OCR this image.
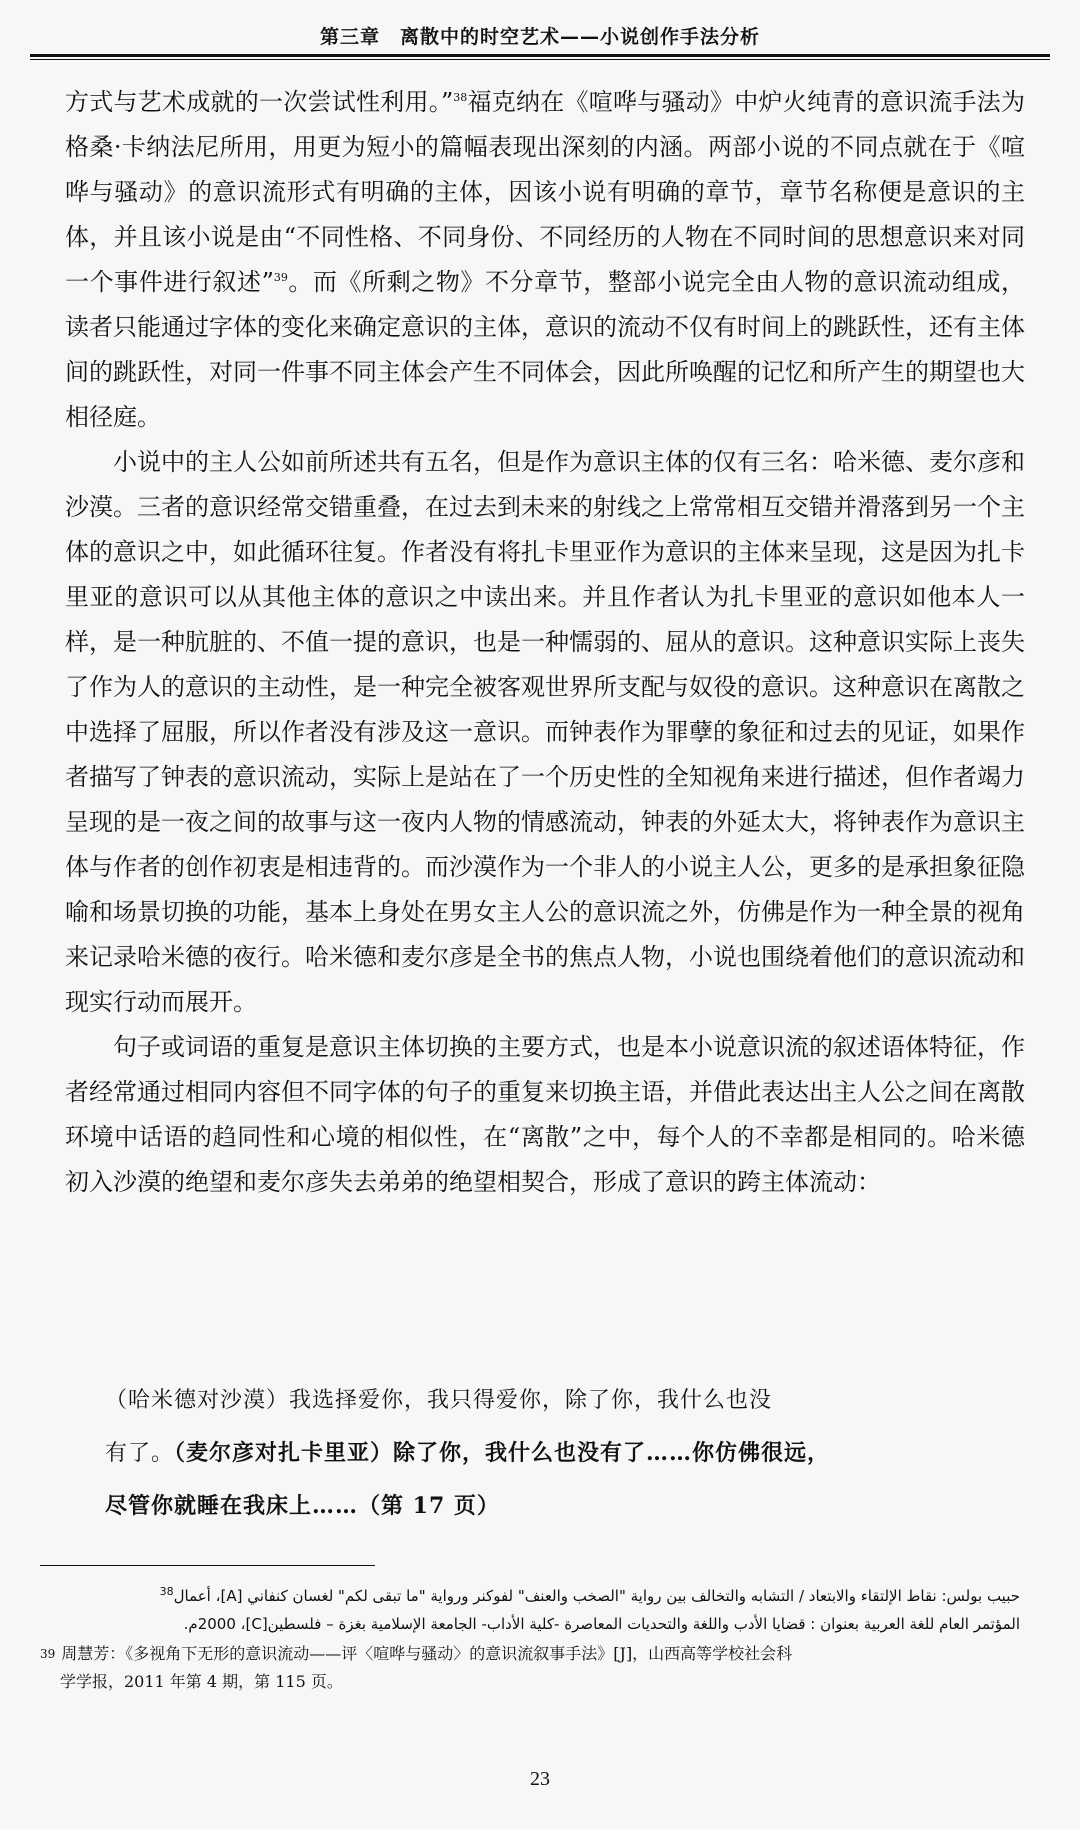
第三章　离散中的时空艺术——小说创作手法分析

方式与艺术成就的一次尝试性利用。”$^{38}$福克纳在《喧哗与骚动》中炉火纯青的意识流手法为格桑·卡纳法尼所用，用更为短小的篇幅表现出深刻的内涵。两部小说的不同点就在于《喧哗与骚动》的意识流形式有明确的主体，因该小说有明确的章节，章节名称便是意识的主体，并且该小说是由“不同性格、不同身份、不同经历的人物在不同时间的思想意识来对同一个事件进行叙述”$^{39}$。而《所剩之物》不分章节，整部小说完全由人物的意识流动组成，读者只能通过字体的变化来确定意识的主体，意识的流动不仅有时间上的跳跃性，还有主体间的跳跃性，对同一件事不同主体会产生不同体会，因此所唤醒的记忆和所产生的期望也大相径庭。

小说中的主人公如前所述共有五名，但是作为意识主体的仅有三名：哈米德、麦尔彦和沙漠。三者的意识经常交错重叠，在过去到未来的射线之上常常相互交错并滑落到另一个主体的意识之中，如此循环往复。作者没有将扎卡里亚作为意识的主体来呈现，这是因为扎卡里亚的意识可以从其他主体的意识之中读出来。并且作者认为扎卡里亚的意识如他本人一样，是一种肮脏的、不值一提的意识，也是一种懦弱的、屈从的意识。这种意识实际上丧失了作为人的意识的主动性，是一种完全被客观世界所支配与奴役的意识。这种意识在离散之中选择了屈服，所以作者没有涉及这一意识。而钟表作为罪孽的象征和过去的见证，如果作者描写了钟表的意识流动，实际上是站在了一个历史性的全知视角来进行描述，但作者竭力呈现的是一夜之间的故事与这一夜内人物的情感流动，钟表的外延太大，将钟表作为意识主体与作者的创作初衷是相违背的。而沙漠作为一个非人的小说主人公，更多的是承担象征隐喻和场景切换的功能，基本上身处在男女主人公的意识流之外，仿佛是作为一种全景的视角来记录哈米德的夜行。哈米德和麦尔彦是全书的焦点人物，小说也围绕着他们的意识流动和现实行动而展开。

句子或词语的重复是意识主体切换的主要方式，也是本小说意识流的叙述语体特征，作者经常通过相同内容但不同字体的句子的重复来切换主语，并借此表达出主人公之间在离散环境中话语的趋同性和心境的相似性，在“离散”之中，每个人的不幸都是相同的。哈米德初入沙漠的绝望和麦尔彦失去弟弟的绝望相契合，形成了意识的跨主体流动：

（哈米德对沙漠）我选择爱你，我只得爱你，除了你，我什么也没

有了。（麦尔彦对扎卡里亚）除了你，我什么也没有了……你仿佛很远，

尽管你就睡在我床上……（第 17 页）

حبيب بولس: نقاط الإلتقاء والابتعاد / التشابه والتخالف بين رواية "الصخب والعنف" لفوكنر ورواية "ما تبقى لكم" لغسان كنفاني [A]، أعمال$^{38}$
المؤتمر العام للغة العربية بعنوان : قضايا الأدب واللغة والتحديات المعاصرة -كلية الأداب- الجامعة الإسلامية بغزة – فلسطين[C]، 2000م.
$^{39}$ 周慧芳：《多视角下无形的意识流动——评〈喧哗与骚动〉的意识流叙事手法》[J]，山西高等学校社会科
学学报，2011 年第 4 期，第 115 页。
23
